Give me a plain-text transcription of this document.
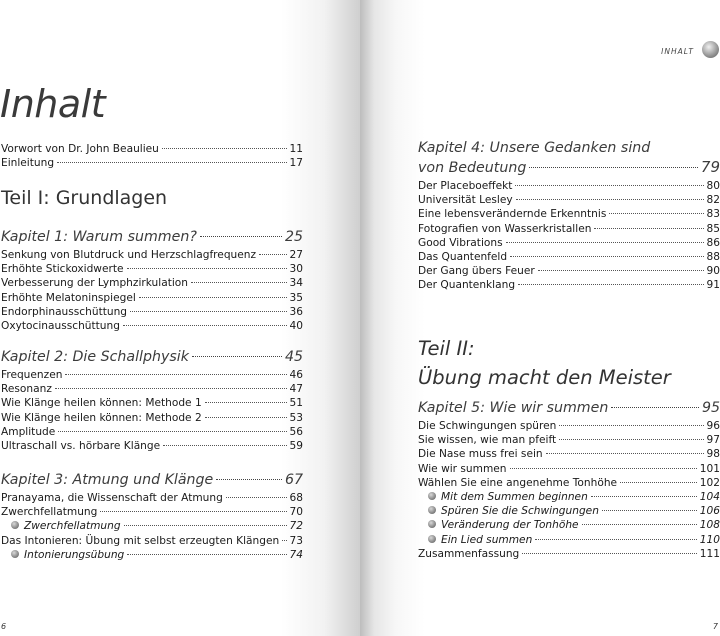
Inhalt
Vorwort von Dr. John Beaulieu	11
Einleitung	17
Teil I: Grundlagen
Kapitel 1: Warum summen?	25
Senkung von Blutdruck und Herzschlagfrequenz	27
Erhöhte Stickoxidwerte	30
Verbesserung der Lymphzirkulation	34
Erhöhte Melatoninspiegel	35
Endorphinausschüttung	36
Oxytocinausschüttung	40
Kapitel 2: Die Schallphysik	45
Frequenzen	46
Resonanz	47
Wie Klänge heilen können: Methode 1	51
Wie Klänge heilen können: Methode 2	53
Amplitude	56
Ultraschall vs. hörbare Klänge	59
Kapitel 3: Atmung und Klänge	67
Pranayama, die Wissenschaft der Atmung	68
Zwerchfellatmung	70
Zwerchfellatmung	72
Das Intonieren: Übung mit selbst erzeugten Klängen 73
Intonierungsübung	74
6
INHALT
Kapitel 4: Unsere Gedanken sind
von Bedeutung	79
Der Placeboeffekt	80
Universität Lesley	82
Eine lebensverändernde Erkenntnis	83
Fotografien von Wasserkristallen	85
Good Vibrations	86
Das Quantenfeld	88
Der Gang übers Feuer	90
Der Quantenklang	91
Teil II:
Übung macht den Meister
Kapitel 5: Wie wir summen	95
Die Schwingungen spüren	96
Sie wissen, wie man pfeift	97
Die Nase muss frei sein	98
Wie wir summen	101
Wählen Sie eine angenehme Tonhöhe	102
Mit dem Summen beginnen	104
Spüren Sie die Schwingungen	106
Veränderung der Tonhöhe	108
Ein Lied summen	110
Zusammenfassung	111
7
